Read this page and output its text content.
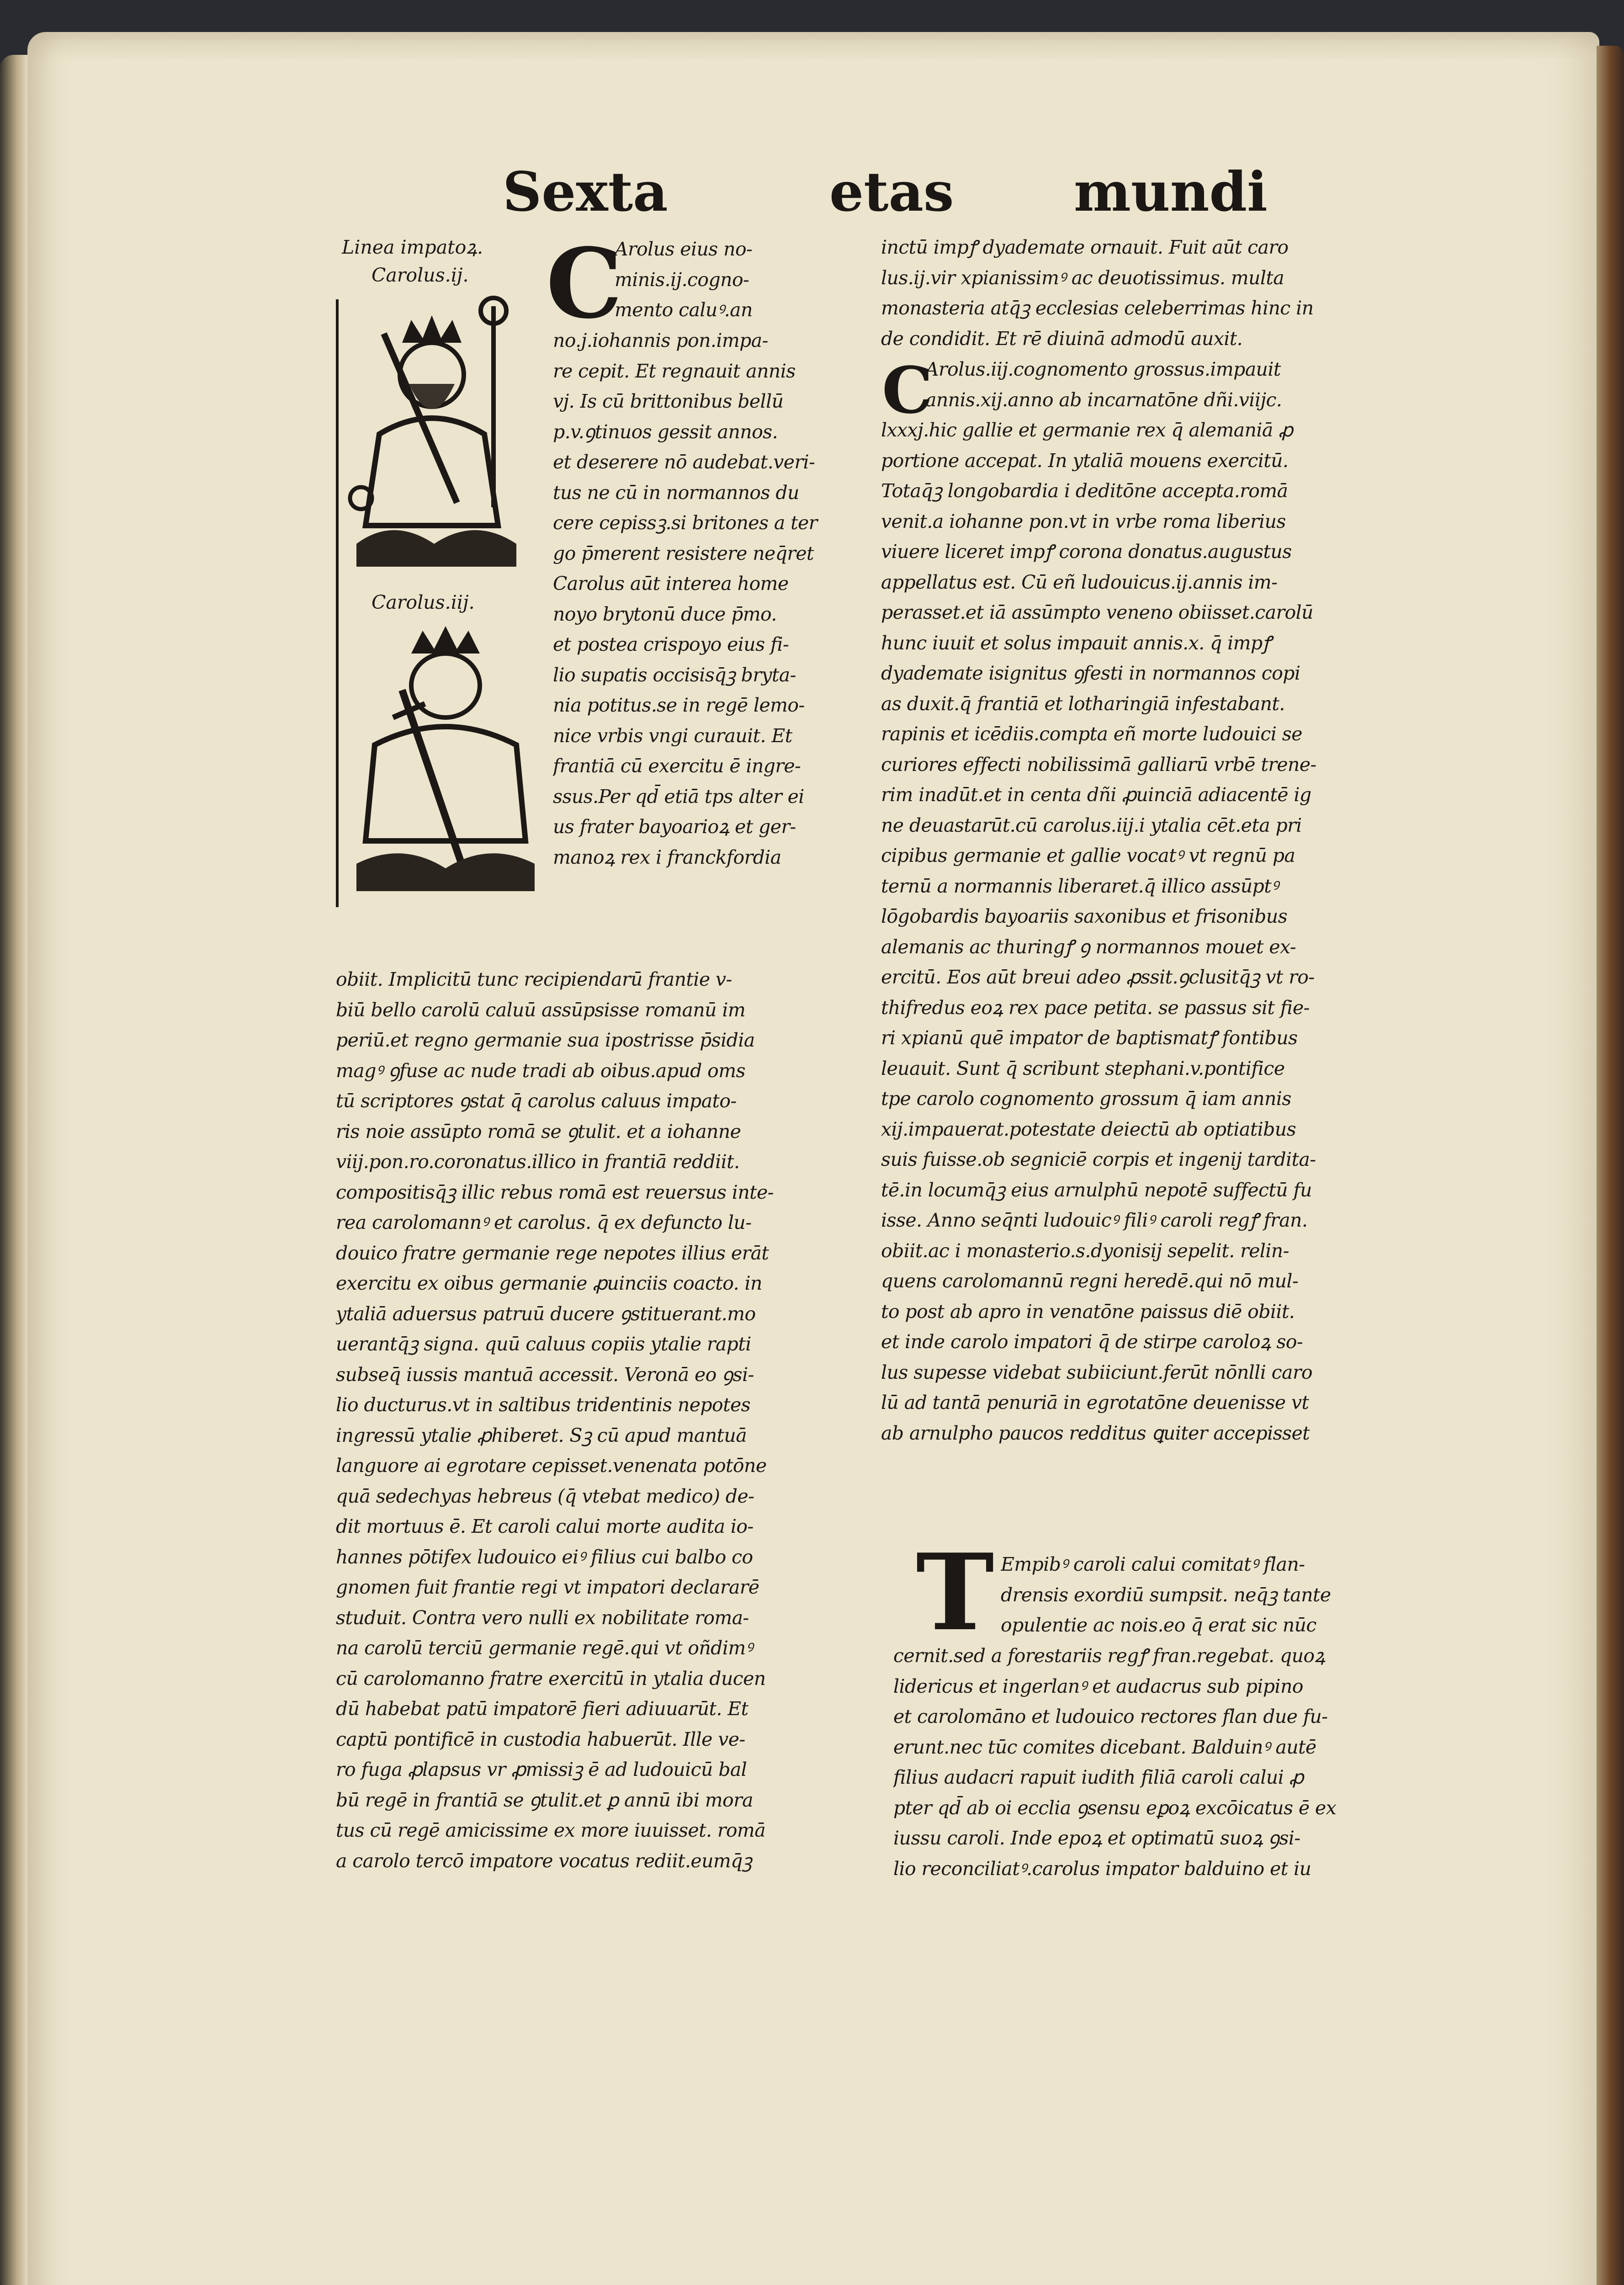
Sexta	etas mundi
Linea impatoꝝ.
Carolus.ij.
Carolus.iij.
C
Arolus eius no-
minis.ij.cogno-
mento caluꝰ.an
no.j.iohannis pon.impa-
re cepit. Et regnauit annis
vj. Is cū brittonibus bellū
p.v.ꝯtinuos gessit annos.
et deserere nō audebat.veri-
tus ne cū in normannos du
cere cepissꝫ.si britones a ter
go p̄merent resistere neq̄ret
Carolus aūt interea home
noyo brytonū duce p̄mo.
et postea crispoyo eius fi-
lio supatis occisisq̄ꝫ bryta-
nia potitus.se in regē lemo-
nice vrbis vngi curauit. Et
frantiā cū exercitu ē ingre-
ssus.Per qd̄ etiā tps alter ei
us frater bayoarioꝝ et ger-
manoꝝ rex i franckfordia
obiit. Implicitū tunc recipiendarū frantie v-
biū bello carolū caluū assūpsisse romanū im
periū.et regno germanie sua ipostrisse p̄sidia
magꝰ ꝯfuse ac nude tradi ab oibus.apud oms
tū scriptores ꝯstat q̄ carolus caluus impato-
ris noie assūpto romā se ꝯtulit. et a iohanne
viij.pon.ro.coronatus.illico in frantiā reddiit.
compositisq̄ꝫ illic rebus romā est reuersus inte-
rea carolomannꝰ et carolus. q̄ ex defuncto lu-
douico fratre germanie rege nepotes illius erāt
exercitu ex oibus germanie ꝓuinciis coacto. in
ytaliā aduersus patruū ducere ꝯstituerant.mo
uerantq̄ꝫ signa. quū caluus copiis ytalie rapti
subseq̄ iussis mantuā accessit. Veronā eo ꝯsi-
lio ducturus.vt in saltibus tridentinis nepotes
ingressū ytalie ꝓhiberet. Sꝫ cū apud mantuā
languore ai egrotare cepisset.venenata potōne
quā sedechyas hebreus (q̄ vtebat medico) de-
dit mortuus ē. Et caroli calui morte audita io-
hannes pōtifex ludouico eiꝰ filius cui balbo co
gnomen fuit frantie regi vt impatori declararē
studuit. Contra vero nulli ex nobilitate roma-
na carolū terciū germanie regē.qui vt oñdimꝰ
cū carolomanno fratre exercitū in ytalia ducen
dū habebat patū impatorē fieri adiuuarūt. Et
captū pontificē in custodia habuerūt. Ille ve-
ro fuga ꝓlapsus vr ꝓmissiꝫ ē ad ludouicū bal
bū regē in frantiā se ꝯtulit.et ꝑ annū ibi mora
tus cū regē amicissime ex more iuuisset. romā
a carolo tercō impatore vocatus rediit.eumq̄ꝫ
inctū impꝭ dyademate ornauit. Fuit aūt caro
lus.ij.vir xpianissimꝰ ac deuotissimus. multa
monasteria atq̄ꝫ ecclesias celeberrimas hinc in
de condidit. Et rē diuinā admodū auxit.
C
Arolus.iij.cognomento grossus.impauit
annis.xij.anno ab incarnatōne dñi.viijc.
lxxxj.hic gallie et germanie rex q̄ alemaniā ꝓ
portione accepat. In ytaliā mouens exercitū.
Totaq̄ꝫ longobardia i deditōne accepta.romā
venit.a iohanne pon.vt in vrbe roma liberius
viuere liceret impꝭ corona donatus.augustus
appellatus est. Cū eñ ludouicus.ij.annis im-
perasset.et iā assūmpto veneno obiisset.carolū
hunc iuuit et solus impauit annis.x. q̄ impꝭ
dyademate isignitus ꝯfesti in normannos copi
as duxit.q̄ frantiā et lotharingiā infestabant.
rapinis et icēdiis.compta eñ morte ludouici se
curiores effecti nobilissimā galliarū vrbē trene-
rim inadūt.et in centa dñi ꝓuinciā adiacentē ig
ne deuastarūt.cū carolus.iij.i ytalia cēt.eta pri
cipibus germanie et gallie vocatꝰ vt regnū pa
ternū a normannis liberaret.q̄ illico assūptꝰ
lōgobardis bayoariis saxonibus et frisonibus
alemanis ac thuringꝭ ꝯ normannos mouet ex-
ercitū. Eos aūt breui adeo ꝓssit.ꝯclusitq̄ꝫ vt ro-
thifredus eoꝝ rex pace petita. se passus sit fie-
ri xpianū quē impator de baptismatꝭ fontibus
leuauit. Sunt q̄ scribunt stephani.v.pontifice
tpe carolo cognomento grossum q̄ iam annis
xij.impauerat.potestate deiectū ab optiatibus
suis fuisse.ob segniciē corpis et ingenij tardita-
tē.in locumq̄ꝫ eius arnulphū nepotē suffectū fu
isse. Anno seq̄nti ludouicꝰ filiꝰ caroli regꝭ fran.
obiit.ac i monasterio.s.dyonisij sepelit. relin-
quens carolomannū regni heredē.qui nō mul-
to post ab apro in venatōne paissus diē obiit.
et inde carolo impatori q̄ de stirpe caroloꝝ so-
lus supesse videbat subiiciunt.ferūt nōnlli caro
lū ad tantā penuriā in egrotatōne deuenisse vt
ab arnulpho paucos redditus ꝗuiter accepisset
T Empibꝰ caroli calui comitatꝰ flan-
drensis exordiū sumpsit. neq̄ꝫ tante
opulentie ac nois.eo q̄ erat sic nūc
cernit.sed a forestariis regꝭ fran.regebat. quoꝝ
lidericus et ingerlanꝰ et audacrus sub pipino
et carolomāno et ludouico rectores flan due fu-
erunt.nec tūc comites dicebant. Balduinꝰ autē
filius audacri rapuit iudith filiā caroli calui ꝓ
pter qd̄ ab oi ecclia ꝯsensu eꝑoꝝ excōicatus ē ex
iussu caroli. Inde epoꝝ et optimatū suoꝝ ꝯsi-
lio reconciliatꝰ.carolus impator balduino et iu
